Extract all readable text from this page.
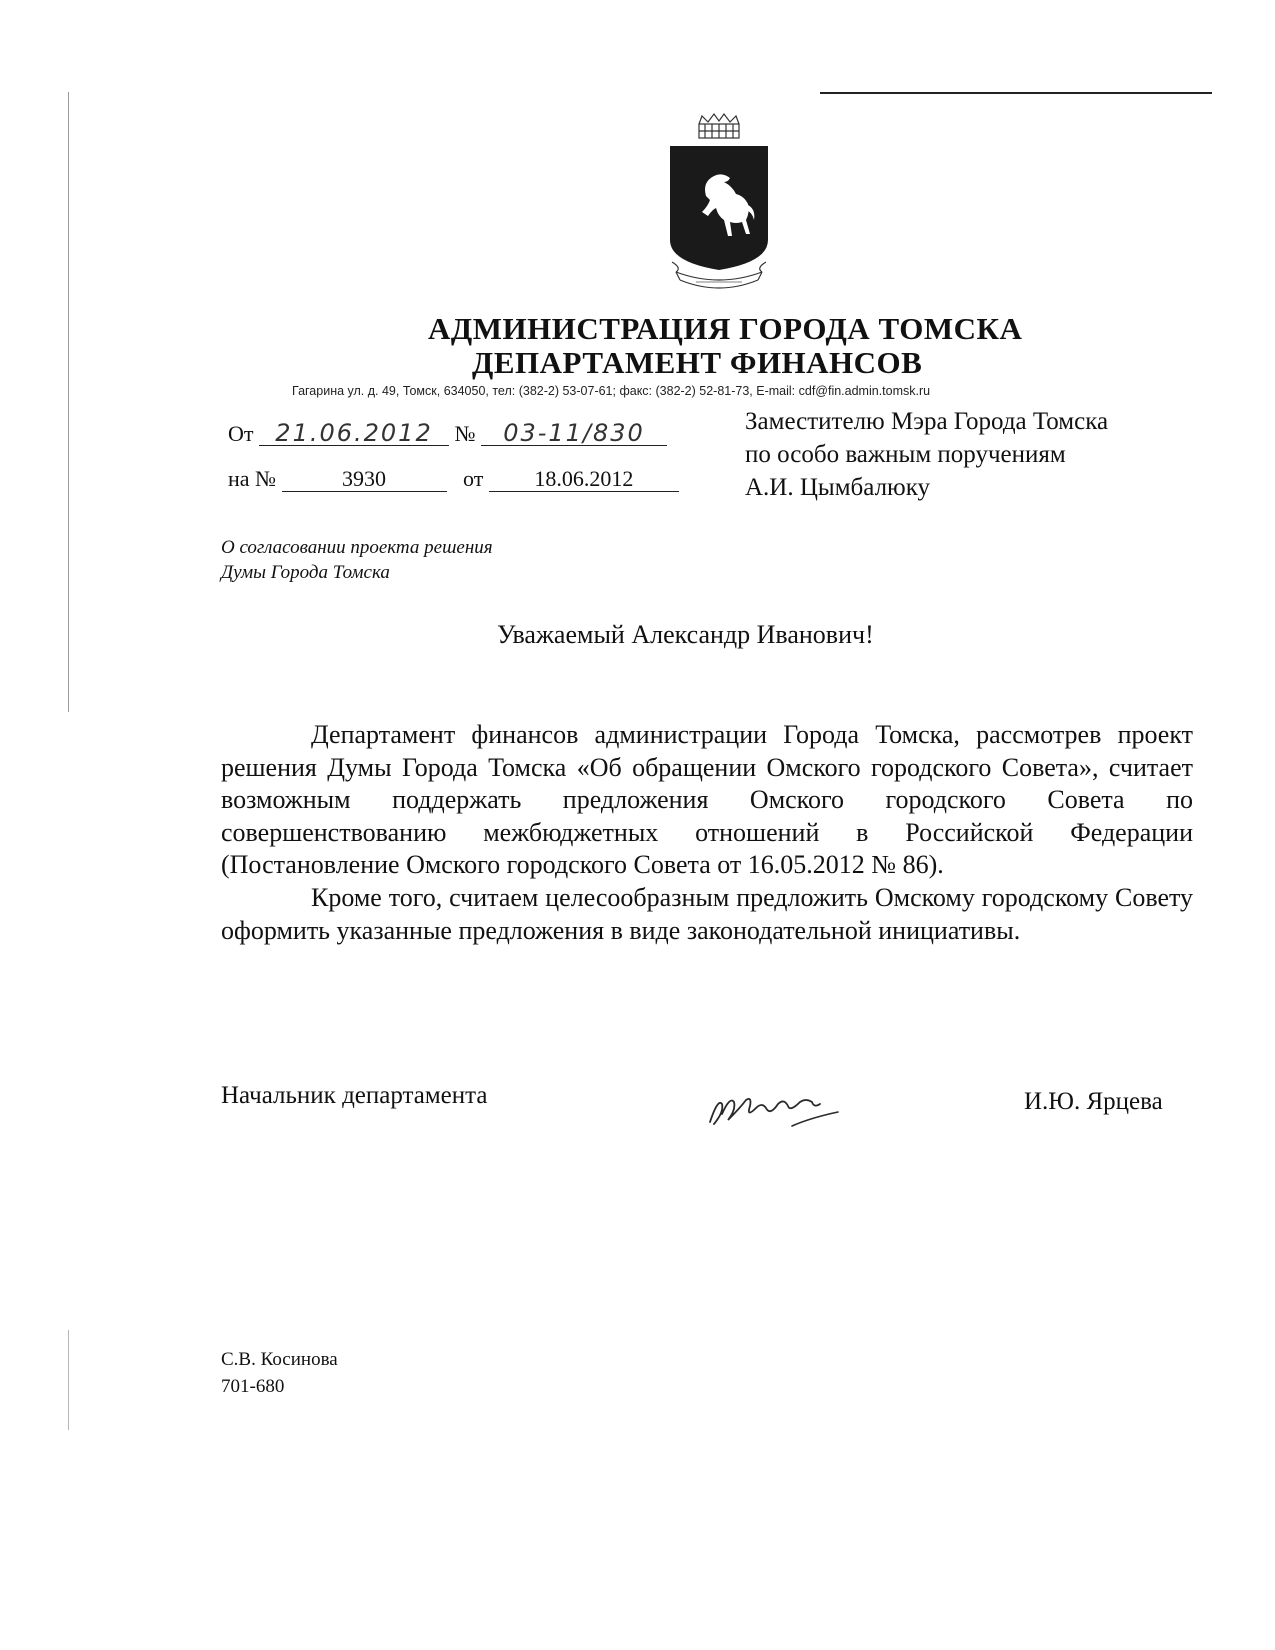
АДМИНИСТРАЦИЯ ГОРОДА ТОМСКА
ДЕПАРТАМЕНТ ФИНАНСОВ
Гагарина ул. д. 49, Томск, 634050, тел: (382-2) 53-07-61; факс: (382-2) 52-81-73, E-mail: cdf@fin.admin.tomsk.ru
От 21.06.2012 № 03-11/830
на №	3930	от 18.06.2012
Заместителю Мэра Города Томска
по особо важным поручениям
А.И. Цымбалюку
О согласовании проекта решения
Думы Города Томска
Уважаемый Александр Иванович!

Департамент финансов администрации Города Томска, рассмотрев проект решения Думы Города Томска «Об обращении Омского городского Совета», считает возможным поддержать предложения Омского городского Совета по совершенствованию межбюджетных отношений в Российской Федерации (Постановление Омского городского Совета от 16.05.2012 № 86).

Кроме того, считаем целесообразным предложить Омскому городскому Совету оформить указанные предложения в виде законодательной инициативы.

Начальник департамента	И.Ю. Ярцева
С.В. Косинова
701-680
